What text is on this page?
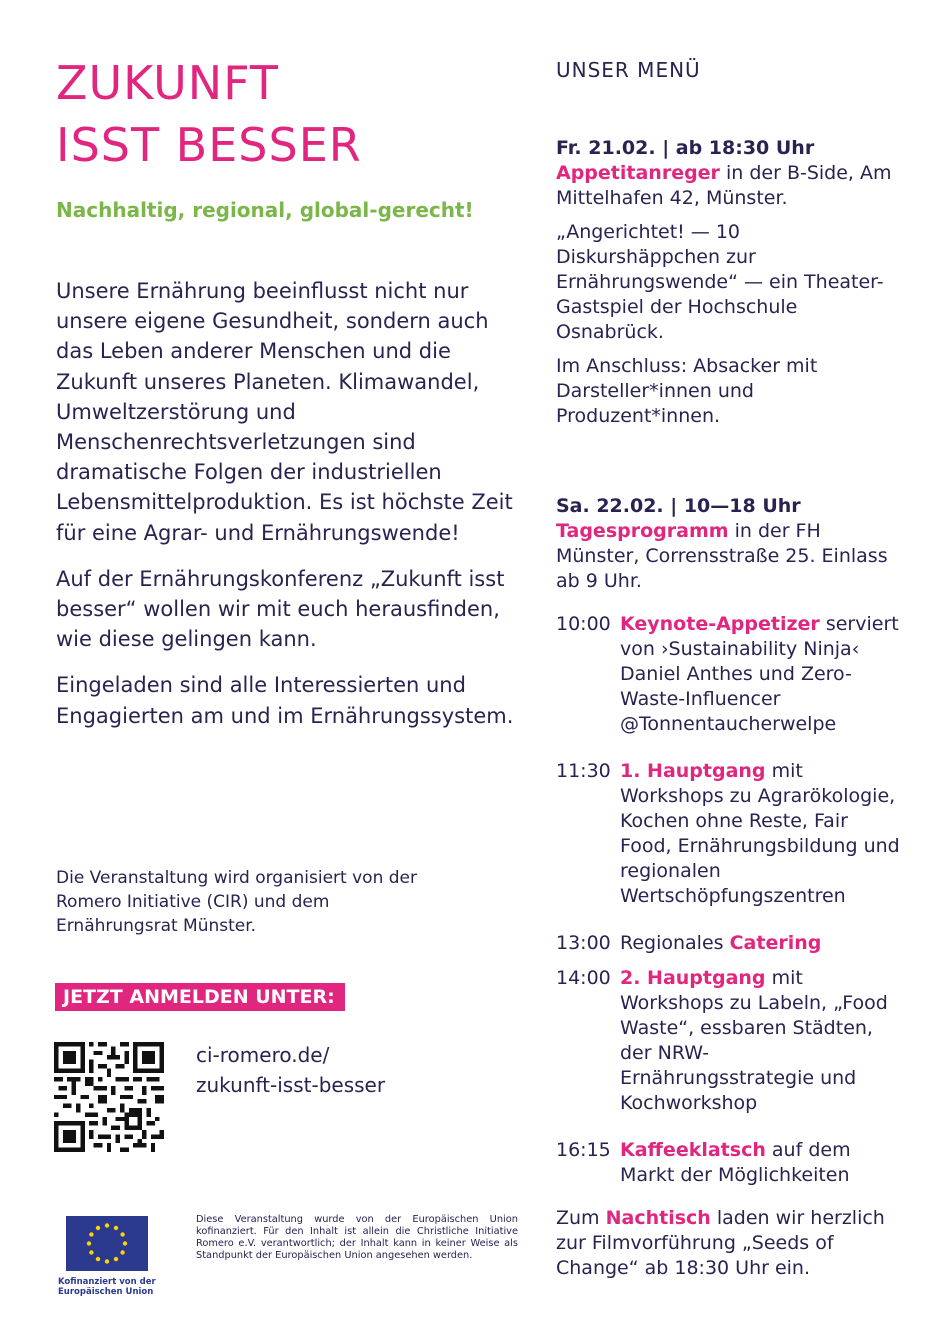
ZUKUNFT
ISST BESSER
Nachhaltig, regional, global-gerecht!

Unsere Ernährung beeinflusst nicht nur unsere eigene Gesundheit, sondern auch das Leben anderer Menschen und die Zukunft unseres Planeten. Klimawandel, Umweltzerstörung und Menschenrechtsverletzungen sind dramatische Folgen der industriellen Lebensmittelproduktion. Es ist höchste Zeit für eine Agrar- und Ernährungswende!

Auf der Ernährungskonferenz „Zukunft isst besser“ wollen wir mit euch herausfinden, wie diese gelingen kann.

Eingeladen sind alle Interessierten und Engagierten am und im Ernährungssystem.

Die Veranstaltung wird organisiert von der Romero Initiative (CIR) und dem Ernährungsrat Münster.
JETZT ANMELDEN UNTER:
ci-romero.de/
zukunft-isst-besser
Kofinanziert von der
Europäischen Union
Diese Veranstaltung wurde von der Europäischen Union kofinanziert. Für den Inhalt ist allein die Christliche Initiative Romero e.V. verantwortlich; der Inhalt kann in keiner Weise als Standpunkt der Europäischen Union angesehen werden.
UNSER MENÜ
Fr. 21.02. | ab 18:30 Uhr
Appetitanreger in der B-Side, Am Mittelhafen 42, Münster.
„Angerichtet! — 10 Diskurshäppchen zur Ernährungswende“ — ein Theater-Gastspiel der Hochschule Osnabrück.
Im Anschluss: Absacker mit Darsteller*innen und Produzent*innen.
Sa. 22.02. | 10—18 Uhr
Tagesprogramm in der FH Münster, Corrensstraße 25. Einlass ab 9 Uhr.
10:00 Keynote-Appetizer serviert von ›Sustainability Ninja‹ Daniel Anthes und Zero-Waste-Influencer @Tonnentaucherwelpe
11:30 1. Hauptgang mit Workshops zu Agrarökologie, Kochen ohne Reste, Fair Food, Ernährungsbildung und regionalen Wertschöpfungszentren
13:00 Regionales Catering
14:00 2. Hauptgang mit Workshops zu Labeln, „Food Waste“, essbaren Städten, der NRW-Ernährungsstrategie und Kochworkshop
16:15 Kaffeeklatsch auf dem Markt der Möglichkeiten
Zum Nachtisch laden wir herzlich zur Filmvorführung „Seeds of Change“ ab 18:30 Uhr ein.
